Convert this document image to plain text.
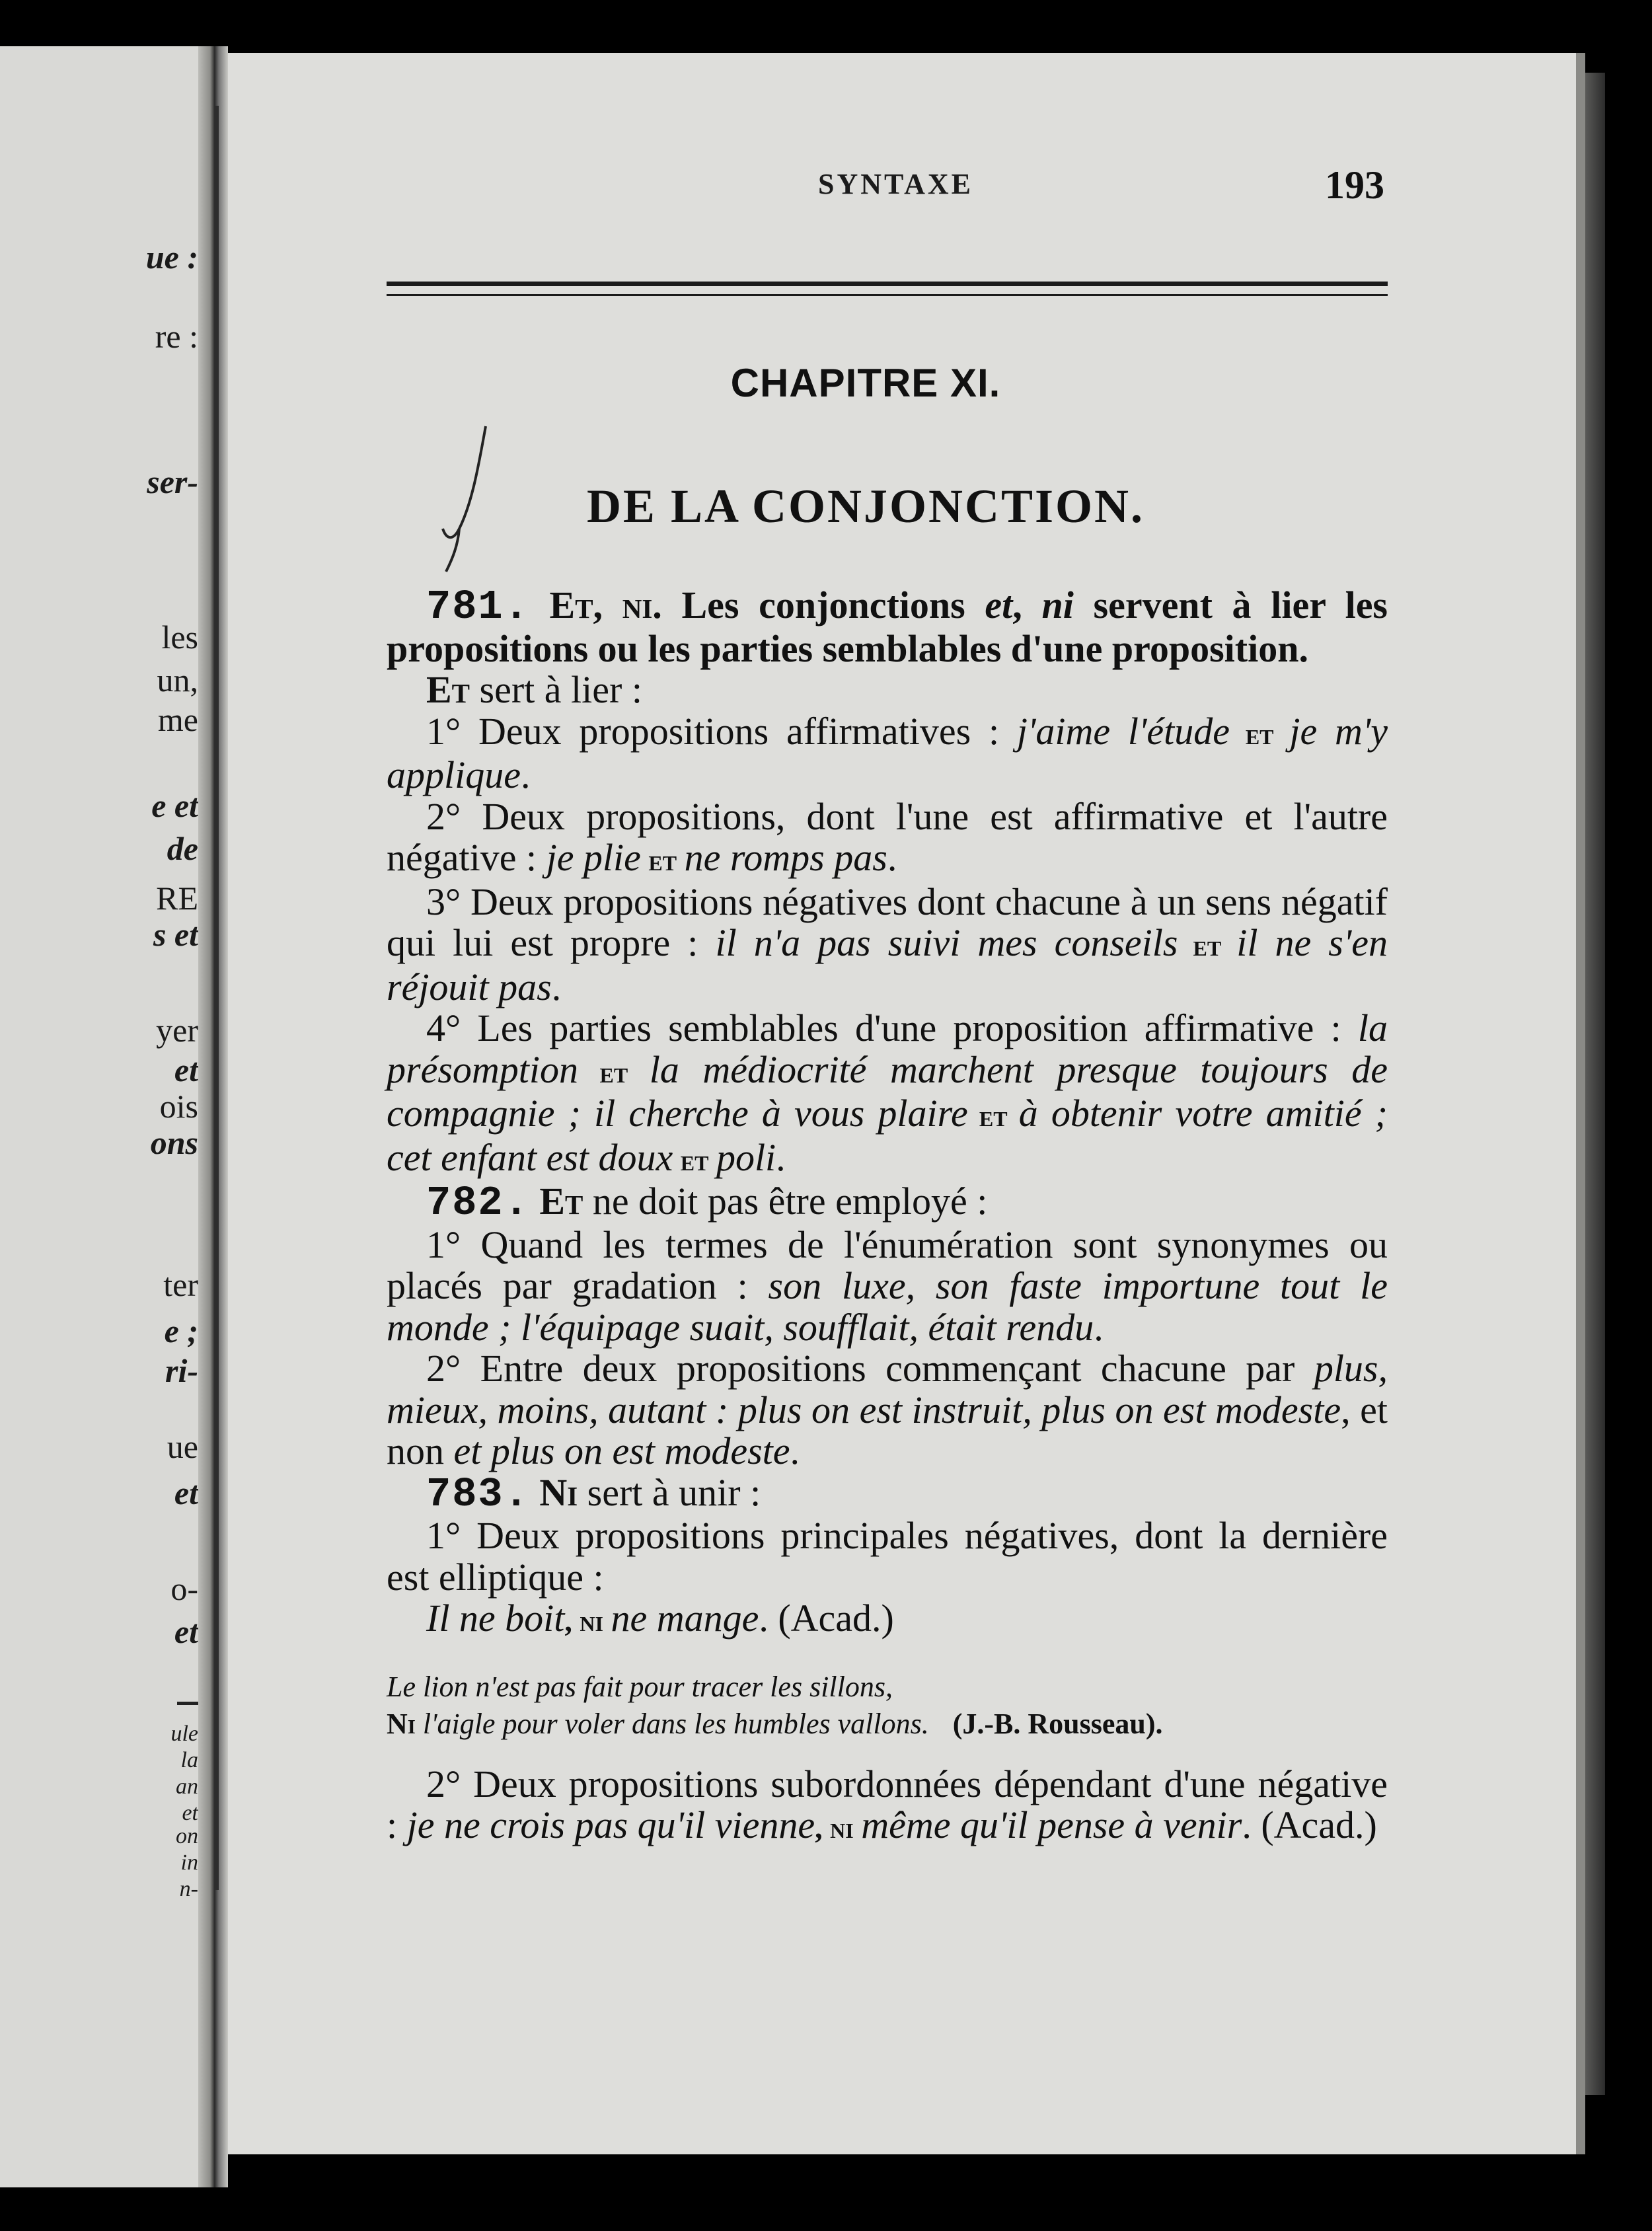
ue :
re :
ser-
les
un,
me
e et
de
RE
s et
yer
et
ois
ons
ter
e ;
ri-
ue
et
o-
et
ule
la
an
et
on
in
n-
SYNTAXE	193
CHAPITRE XI.
DE LA CONJONCTION.

781. Et, ni. Les conjonctions et, ni servent à lier les propositions ou les parties semblables d'une proposition.

Et sert à lier :

1° Deux propositions affirmatives : j'aime l'étude et je m'y applique.

2° Deux propositions, dont l'une est affirmative et l'autre négative : je plie et ne romps pas.

3° Deux propositions négatives dont chacune à un sens négatif qui lui est propre : il n'a pas suivi mes conseils et il ne s'en réjouit pas.

4° Les parties semblables d'une proposition affirmative : la présomption et la médiocrité marchent presque toujours de compagnie ; il cherche à vous plaire et à obtenir votre amitié ; cet enfant est doux et poli.

782. Et ne doit pas être employé :

1° Quand les termes de l'énumération sont synonymes ou placés par gradation : son luxe, son faste importune tout le monde ; l'équipage suait, soufflait, était rendu.

2° Entre deux propositions commençant chacune par plus, mieux, moins, autant : plus on est instruit, plus on est modeste, et non et plus on est modeste.

783. Ni sert à unir :

1° Deux propositions principales négatives, dont la dernière est elliptique :

Il ne boit, ni ne mange. (Acad.)

Le lion n'est pas fait pour tracer les sillons,
Ni l'aigle pour voler dans les humbles vallons. (J.-B. Rousseau).

2° Deux propositions subordonnées dépendant d'une négative : je ne crois pas qu'il vienne, ni même qu'il pense à venir. (Acad.)
